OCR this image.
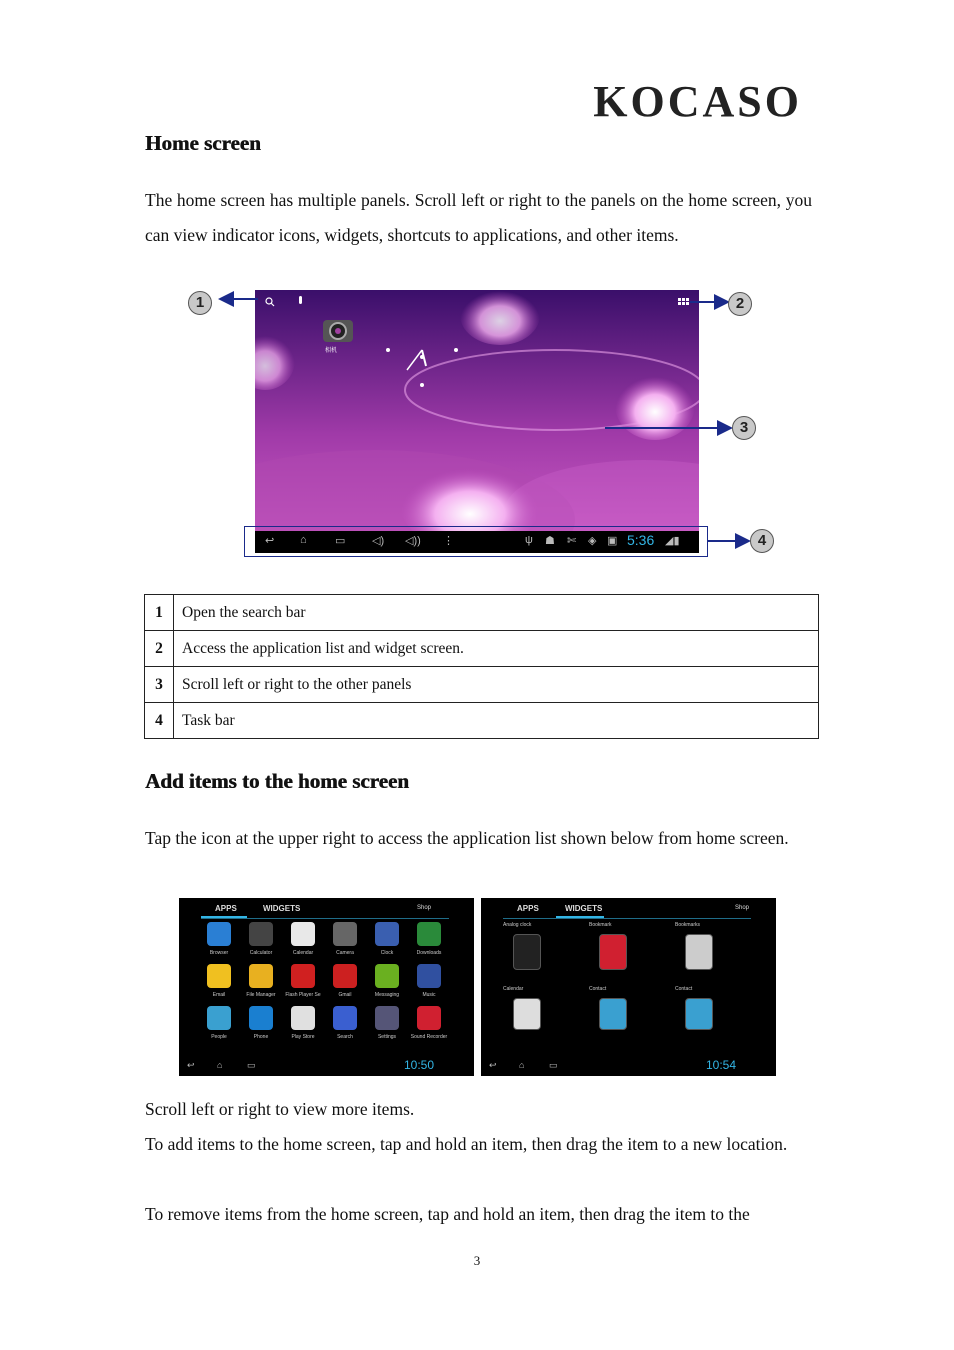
KOCASO
Home screen

The home screen has multiple panels. Scroll left or right to the panels on the home screen, you can view indicator icons, widgets, shortcuts to applications, and other items.

相机
↩ ⌂	▭ ◁) ◁)) ⋮	ψ ☗ ✄ ◈ ▣ 5:36 ◢▮
1	2
3
4
1	Open the search bar
2	Access the application list and widget screen.
3	Scroll left or right to the other panels
4	Task bar
Add items to the home screen

Tap the icon at the upper right to access the application list shown below from home screen.

APPS	WIDGETS	Shop
Browser	Calculator	Calendar	Camera	Clock	Downloads
Email	File Manager	Flash Player Se	Gmail	Messaging	Music
People	Phone	Play Store	Search	Settings	Sound Recorder
↩ ⌂	▭	10:50
APPS	WIDGETS	Shop
Analog clock	Bookmark	Bookmarks
Calendar	Contact	Contact
↩ ⌂	▭	10:54

Scroll left or right to view more items.

To add items to the home screen, tap and hold an item, then drag the item to a new location.

To remove items from the home screen, tap and hold an item, then drag the item to the

3
